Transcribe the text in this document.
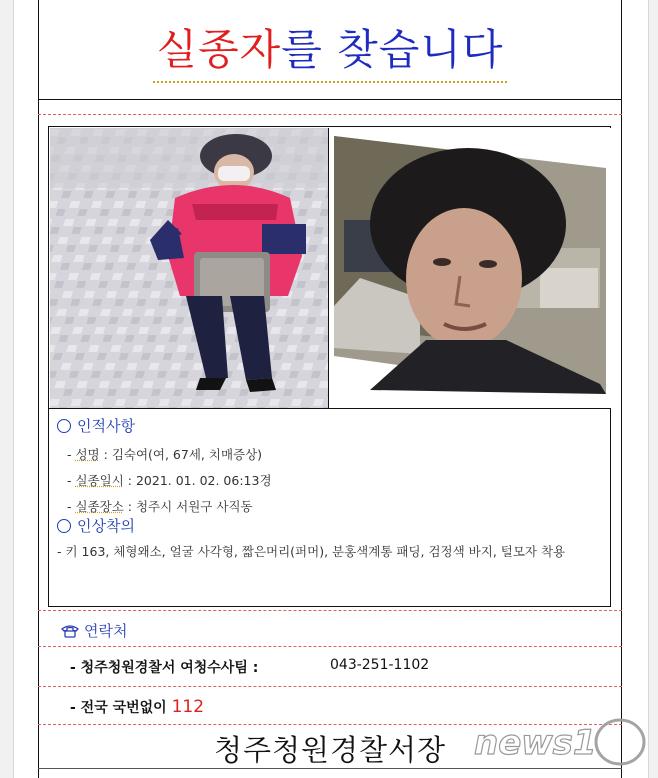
실종자를 찾습니다
인적사항
- 성명 : 김숙여(여, 67세, 치매증상)
- 실종일시 : 2021. 01. 02. 06:13경
- 실종장소 : 청주시 서원구 사직동
인상착의
- 키 163, 체형왜소, 얼굴 사각형, 짧은머리(퍼머), 분홍색계통 패딩, 검정색 바지, 털모자 착용
연락처
- 청주청원경찰서 여청수사팀 :	043-251-1102
- 전국 국번없이 112
청주청원경찰서장 news1
